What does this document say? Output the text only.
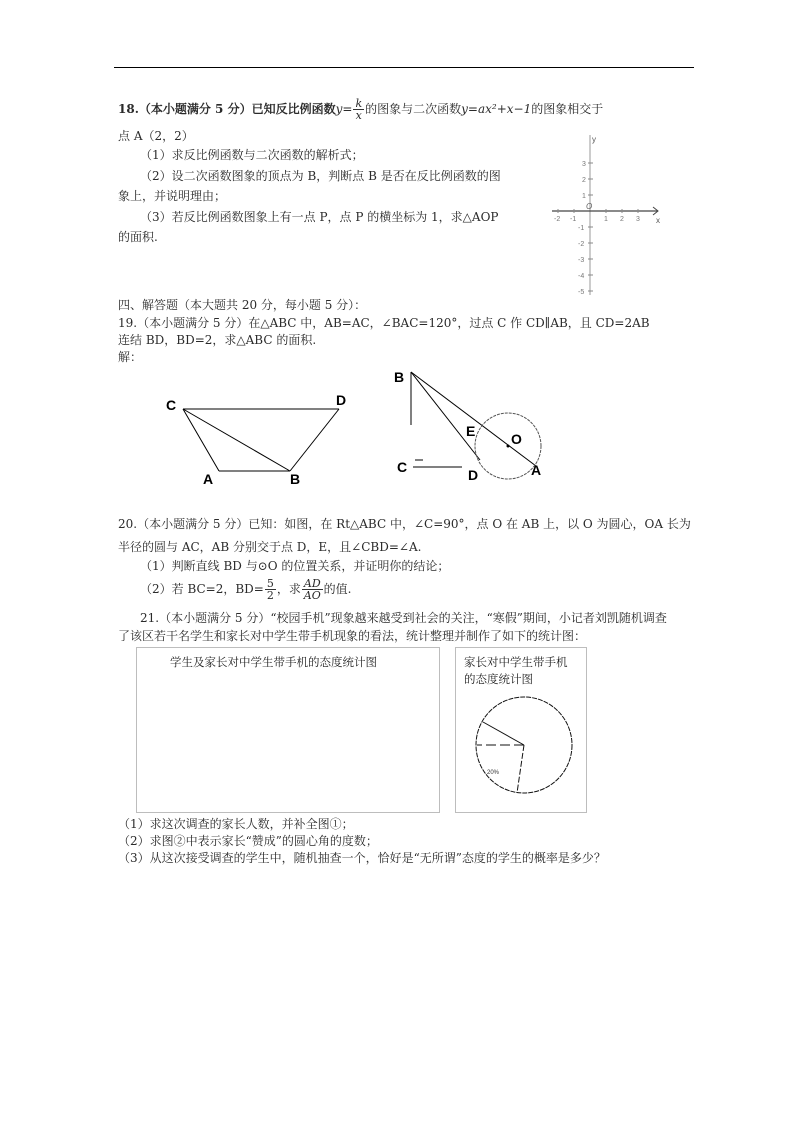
18.（本小题满分 5 分）已知反比例函数$y= \frac{k}{x}$ 的图象与二次函数y=ax²+x−1的图象相交于
点 A（2，2）
（1）求反比例函数与二次函数的解析式；
（2）设二次函数图象的顶点为 B，判断点 B 是否在反比例函数的图
象上，并说明理由；
（3）若反比例函数图象上有一点 P，点 P 的横坐标为 1，求△AOP
的面积.
y
x
O
3
2
1
-1
-2
-3
-4
-5
-2 -1	1 2 3
四、解答题（本大题共 20 分，每小题 5 分）：
19.（本小题满分 5 分）在△ABC 中，AB=AC，∠BAC=120°，过点 C 作 CD∥AB，且 CD=2AB
连结 BD，BD=2，求△ABC 的面积.
解：
C	D
A	B
B
E	O
C	D	A
20.（本小题满分 5 分）已知：如图，在 Rt△ABC 中，∠C=90°，点 O 在 AB 上，以 O 为圆心，OA 长为
半径的圆与 AC，AB 分别交于点 D，E，且∠CBD=∠A.
（1）判断直线 BD 与⊙O 的位置关系，并证明你的结论；
（2）若 BC=2，$BD= \frac{5}{2}$ ，求 $\frac{AD}{AO}$ 的值.
21.（本小题满分 5 分）“校园手机”现象越来越受到社会的关注，“寒假”期间，小记者刘凯随机调查
了该区若干名学生和家长对中学生带手机现象的看法，统计整理并制作了如下的统计图：
学生及家长对中学生带手机的态度统计图	家长对中学生带手机
的态度统计图
20%
（1）求这次调查的家长人数，并补全图①；
（2）求图②中表示家长“赞成”的圆心角的度数；
（3）从这次接受调查的学生中，随机抽查一个，恰好是“无所谓”态度的学生的概率是多少？
